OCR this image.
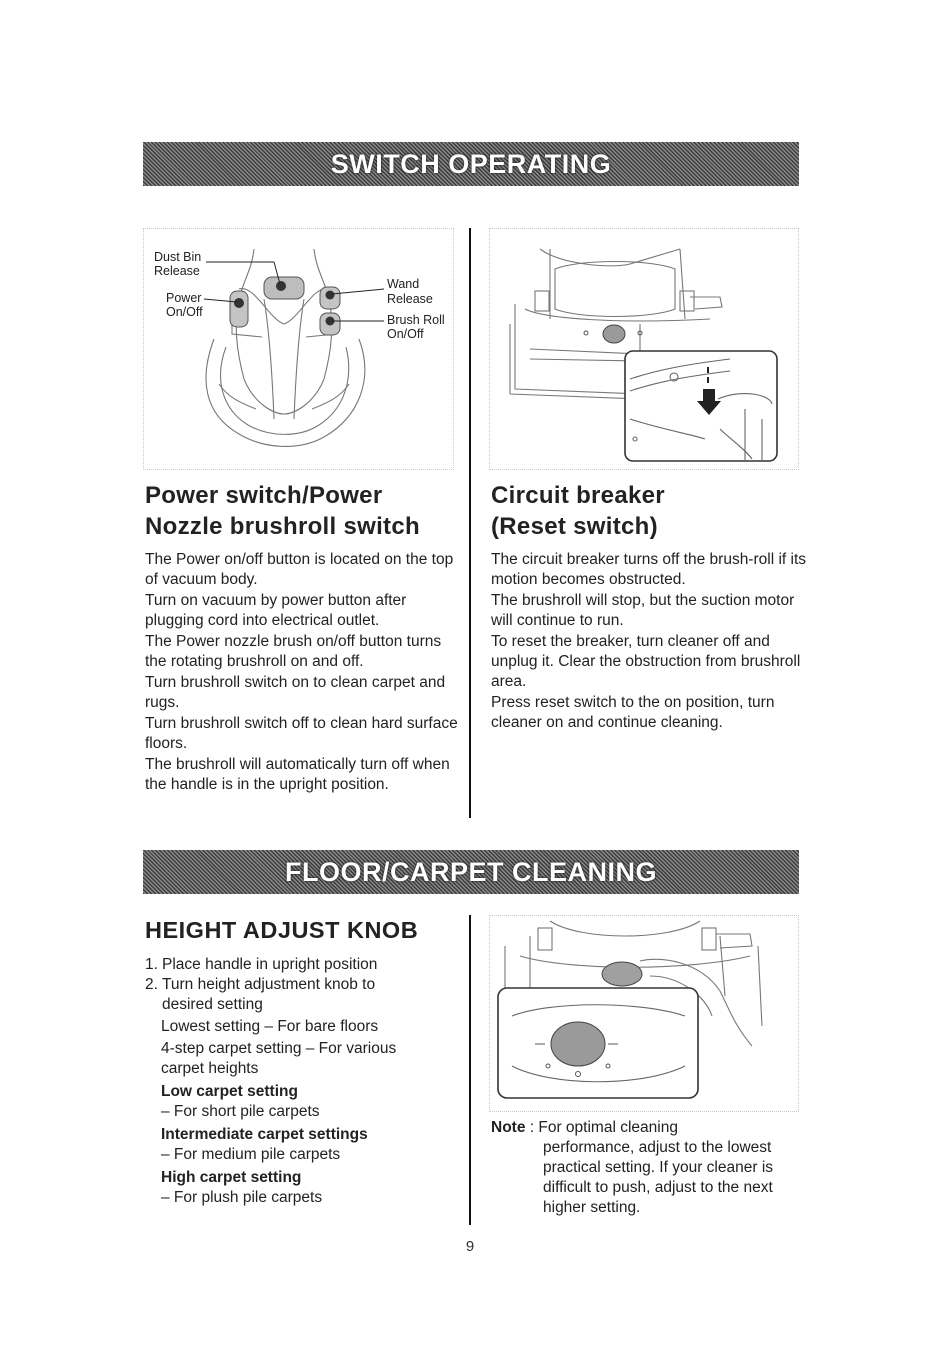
SWITCH OPERATING
Dust Bin
Release
Power
On/Off
Wand
Release
Brush Roll
On/Off
Power switch/Power
Nozzle brushroll switch

The Power on/off button is located on the top of vacuum body.

Turn on vacuum by power button after plugging cord into electrical outlet.

The Power nozzle brush on/off button turns the rotating brushroll on and off.

Turn brushroll switch on to clean carpet and rugs.

Turn brushroll switch off to clean hard surface floors.

The brushroll will automatically turn off when the handle is in the upright position.

Circuit breaker
(Reset switch)

The circuit breaker turns off the brush-roll if its motion becomes obstructed.

The brushroll will stop, but the suction motor will continue to run.

To reset the breaker, turn cleaner off and unplug it. Clear the obstruction from brushroll area.

Press reset switch to the on position, turn cleaner on and continue cleaning.

FLOOR/CARPET CLEANING
HEIGHT ADJUST KNOB
1. Place handle in upright position
2. Turn height adjustment knob to desired setting
Lowest setting – For bare floors
4-step carpet setting – For various carpet heights
Low carpet setting
– For short pile carpets
Intermediate carpet settings
– For medium pile carpets
High carpet setting
– For plush pile carpets
Note : For optimal cleaning
performance, adjust to the lowest practical setting. If your cleaner is difficult to push, adjust to the next higher setting.
9
